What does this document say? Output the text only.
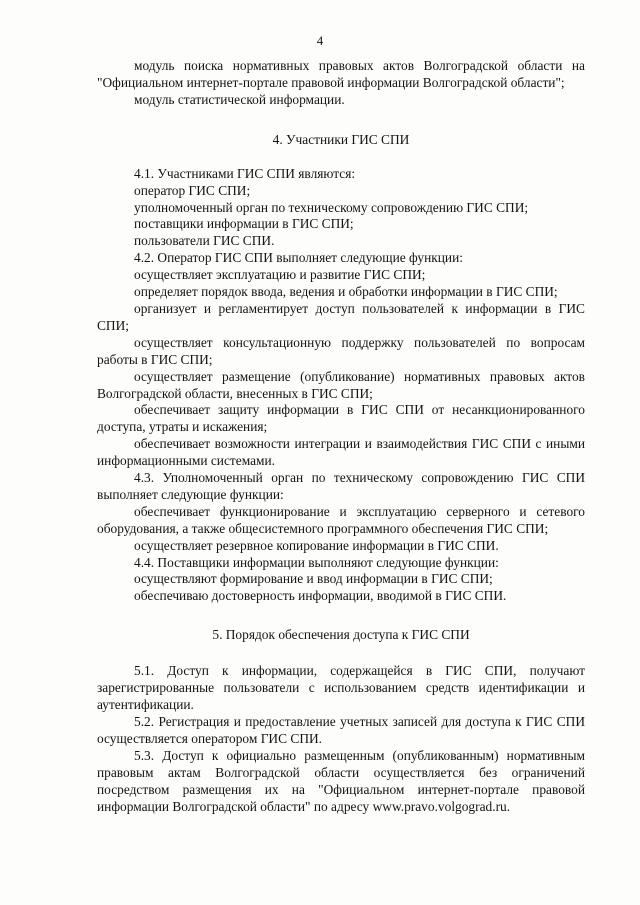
4

модуль поиска нормативных правовых актов Волгоградской области на "Официальном интернет-портале правовой информации Волгоградской области";

модуль статистической информации.

4. Участники ГИС СПИ

4.1. Участниками ГИС СПИ являются:

оператор ГИС СПИ;

уполномоченный орган по техническому сопровождению ГИС СПИ;

поставщики информации в ГИС СПИ;

пользователи ГИС СПИ.

4.2. Оператор ГИС СПИ выполняет следующие функции:

осуществляет эксплуатацию и развитие ГИС СПИ;

определяет порядок ввода, ведения и обработки информации в ГИС СПИ;

организует и регламентирует доступ пользователей к информации в ГИС СПИ;

осуществляет консультационную поддержку пользователей по вопросам работы в ГИС СПИ;

осуществляет размещение (опубликование) нормативных правовых актов Волгоградской области, внесенных в ГИС СПИ;

обеспечивает защиту информации в ГИС СПИ от несанкционированного доступа, утраты и искажения;

обеспечивает возможности интеграции и взаимодействия ГИС СПИ с иными информационными системами.

4.3. Уполномоченный орган по техническому сопровождению ГИС СПИ выполняет следующие функции:

обеспечивает функционирование и эксплуатацию серверного и сетевого оборудования, а также общесистемного программного обеспечения ГИС СПИ;

осуществляет резервное копирование информации в ГИС СПИ.

4.4. Поставщики информации выполняют следующие функции:

осуществляют формирование и ввод информации в ГИС СПИ;

обеспечиваю достоверность информации, вводимой в ГИС СПИ.

5. Порядок обеспечения доступа к ГИС СПИ

5.1. Доступ к информации, содержащейся в ГИС СПИ, получают зарегистрированные пользователи с использованием средств идентификации и аутентификации.

5.2. Регистрация и предоставление учетных записей для доступа к ГИС СПИ осуществляется оператором ГИС СПИ.

5.3. Доступ к официально размещенным (опубликованным) нормативным правовым актам Волгоградской области осуществляется без ограничений посредством размещения их на "Официальном интернет-портале правовой информации Волгоградской области" по адресу www.pravo.volgograd.ru.
